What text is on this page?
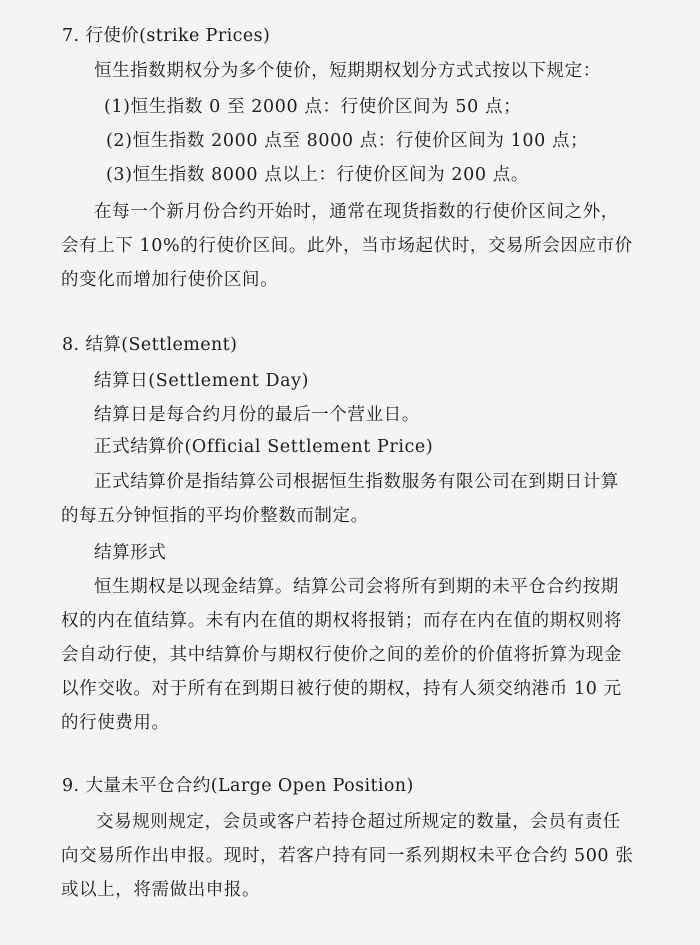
7. 行使价(strike Prices)
恒生指数期权分为多个使价，短期期权划分方式式按以下规定：
(1)恒生指数 0 至 2000 点：行使价区间为 50 点；
(2)恒生指数 2000 点至 8000 点：行使价区间为 100 点；
(3)恒生指数 8000 点以上：行使价区间为 200 点。
在每一个新月份合约开始时，通常在现货指数的行使价区间之外，
会有上下 10%的行使价区间。此外，当市场起伏时，交易所会因应市价
的变化而增加行使价区间。
8. 结算(Settlement)
结算日(Settlement Day)
结算日是每合约月份的最后一个营业日。
正式结算价(Official Settlement Price)
正式结算价是指结算公司根据恒生指数服务有限公司在到期日计算
的每五分钟恒指的平均价整数而制定。
结算形式
恒生期权是以现金结算。结算公司会将所有到期的未平仓合约按期
权的内在值结算。未有内在值的期权将报销；而存在内在值的期权则将
会自动行使，其中结算价与期权行使价之间的差价的价值将折算为现金
以作交收。对于所有在到期日被行使的期权，持有人须交纳港币 10 元
的行使费用。
9. 大量未平仓合约(Large Open Position)
交易规则规定，会员或客户若持仓超过所规定的数量，会员有责任
向交易所作出申报。现时，若客户持有同一系列期权未平仓合约 500 张
或以上，将需做出申报。
